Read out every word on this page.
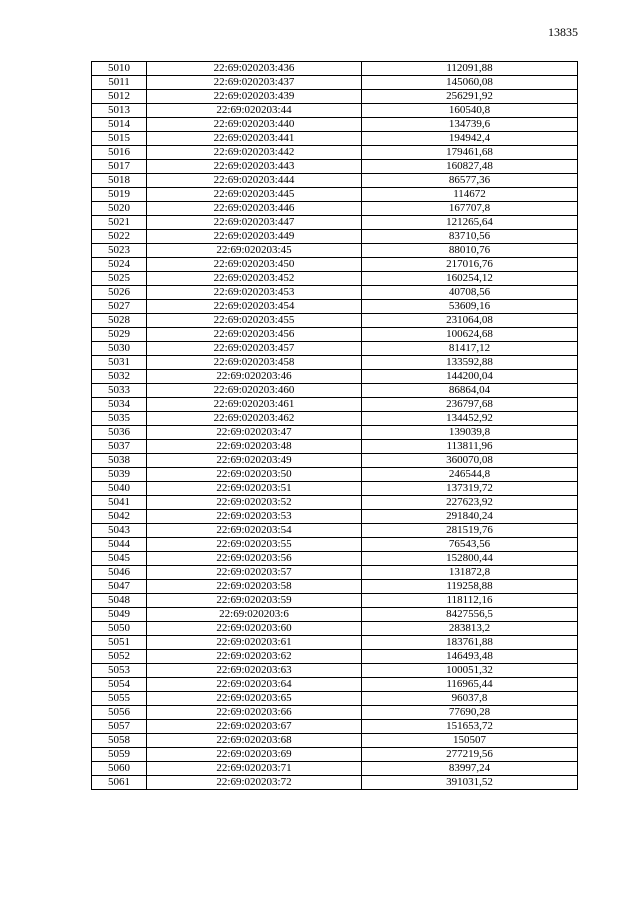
13835
5010	22:69:020203:436	112091,88
5011	22:69:020203:437	145060,08
5012	22:69:020203:439	256291,92
5013	22:69:020203:44	160540,8
5014	22:69:020203:440	134739,6
5015	22:69:020203:441	194942,4
5016	22:69:020203:442	179461,68
5017	22:69:020203:443	160827,48
5018	22:69:020203:444	86577,36
5019	22:69:020203:445	114672
5020	22:69:020203:446	167707,8
5021	22:69:020203:447	121265,64
5022	22:69:020203:449	83710,56
5023	22:69:020203:45	88010,76
5024	22:69:020203:450	217016,76
5025	22:69:020203:452	160254,12
5026	22:69:020203:453	40708,56
5027	22:69:020203:454	53609,16
5028	22:69:020203:455	231064,08
5029	22:69:020203:456	100624,68
5030	22:69:020203:457	81417,12
5031	22:69:020203:458	133592,88
5032	22:69:020203:46	144200,04
5033	22:69:020203:460	86864,04
5034	22:69:020203:461	236797,68
5035	22:69:020203:462	134452,92
5036	22:69:020203:47	139039,8
5037	22:69:020203:48	113811,96
5038	22:69:020203:49	360070,08
5039	22:69:020203:50	246544,8
5040	22:69:020203:51	137319,72
5041	22:69:020203:52	227623,92
5042	22:69:020203:53	291840,24
5043	22:69:020203:54	281519,76
5044	22:69:020203:55	76543,56
5045	22:69:020203:56	152800,44
5046	22:69:020203:57	131872,8
5047	22:69:020203:58	119258,88
5048	22:69:020203:59	118112,16
5049	22:69:020203:6	8427556,5
5050	22:69:020203:60	283813,2
5051	22:69:020203:61	183761,88
5052	22:69:020203:62	146493,48
5053	22:69:020203:63	100051,32
5054	22:69:020203:64	116965,44
5055	22:69:020203:65	96037,8
5056	22:69:020203:66	77690,28
5057	22:69:020203:67	151653,72
5058	22:69:020203:68	150507
5059	22:69:020203:69	277219,56
5060	22:69:020203:71	83997,24
5061	22:69:020203:72	391031,52
